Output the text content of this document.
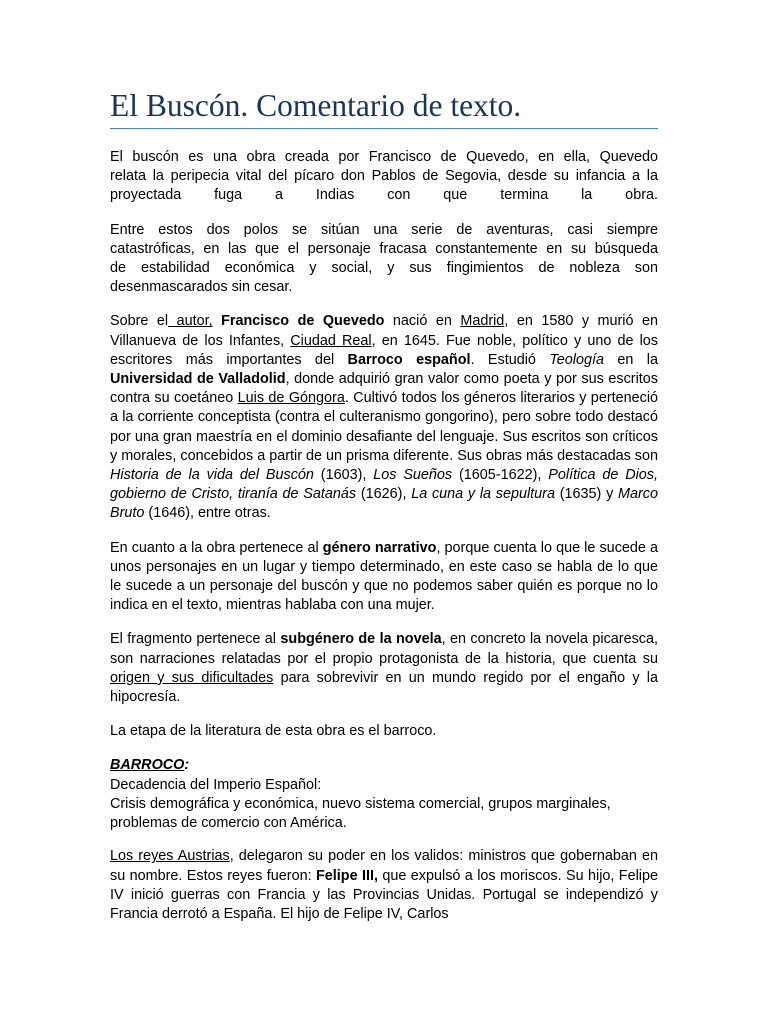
El Buscón. Comentario de texto.

El buscón es una obra creada por Francisco de Quevedo, en ella, Quevedo
relata la peripecia vital del pícaro don Pablos de Segovia, desde su infancia a la
proyectada fuga a Indias con que termina la obra.

Entre estos dos polos se sitúan una serie de aventuras, casi siempre
catastróficas, en las que el personaje fracasa constantemente en su búsqueda
de estabilidad económica y social, y sus fingimientos de nobleza son
desenmascarados sin cesar.

Sobre el autor, Francisco de Quevedo nació en Madrid, en 1580 y murió en Villanueva de los Infantes, Ciudad Real, en 1645. Fue noble, político y uno de los escritores más importantes del Barroco español. Estudió Teología en la Universidad de Valladolid, donde adquirió gran valor como poeta y por sus escritos contra su coetáneo Luis de Góngora. Cultivó todos los géneros literarios y perteneció a la corriente conceptista (contra el culteranismo gongorino), pero sobre todo destacó por una gran maestría en el dominio desafiante del lenguaje. Sus escritos son críticos y morales, concebidos a partir de un prisma diferente. Sus obras más destacadas son Historia de la vida del Buscón (1603), Los Sueños (1605-1622), Política de Dios, gobierno de Cristo, tiranía de Satanás (1626), La cuna y la sepultura (1635) y Marco Bruto (1646), entre otras.

En cuanto a la obra pertenece al género narrativo, porque cuenta lo que le sucede a unos personajes en un lugar y tiempo determinado, en este caso se habla de lo que le sucede a un personaje del buscón y que no podemos saber quién es porque no lo indica en el texto, mientras hablaba con una mujer.

El fragmento pertenece al subgénero de la novela, en concreto la novela picaresca, son narraciones relatadas por el propio protagonista de la historia, que cuenta su origen y sus dificultades para sobrevivir en un mundo regido por el engaño y la hipocresía.

La etapa de la literatura de esta obra es el barroco.

BARROCO:

Decadencia del Imperio Español:

Crisis demográfica y económica, nuevo sistema comercial, grupos marginales,

problemas de comercio con América.

Los reyes Austrias, delegaron su poder en los validos: ministros que gobernaban en su nombre. Estos reyes fueron: Felipe III, que expulsó a los moriscos. Su hijo, Felipe IV inició guerras con Francia y las Provincias Unidas. Portugal se independizó y Francia derrotó a España. El hijo de Felipe IV, Carlos
